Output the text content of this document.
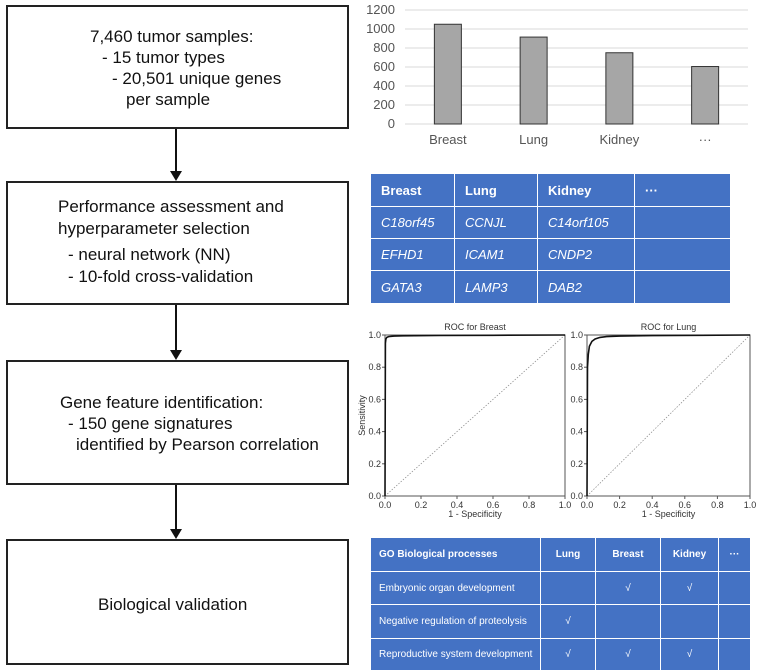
7,460 tumor samples:
- 15 tumor types
- 20,501 unique genes
per sample
Performance assessment and
hyperparameter selection
- neural network (NN)
- 10-fold cross-validation
Gene feature identification:
- 150 gene signatures
identified by Pearson correlation
Biological validation
0
200
400
600
800
1000
1200
Breast	Lung	Kidney	···
Breast	Lung	Kidney	···
C18orf45	CCNJL	C14orf105	
EFHD1	ICAM1	CNDP2	
GATA3	LAMP3	DAB2	
ROC for Breast
0.0	0.2	0.4	0.6	0.8	1.0
0.0
0.2
0.4
0.6
0.8
1.0
1 - Specificity
Sensitivity
ROC for Lung
0.0 0.2 0.4 0.6 0.8 1.0
0.0
0.2
0.4
0.6
0.8
1.0
1 - Specificity
GO Biological processes	Lung	Breast	Kidney	···
Embryonic organ development		√	√	
Negative regulation of proteolysis	√			
Reproductive system development	√	√	√	
